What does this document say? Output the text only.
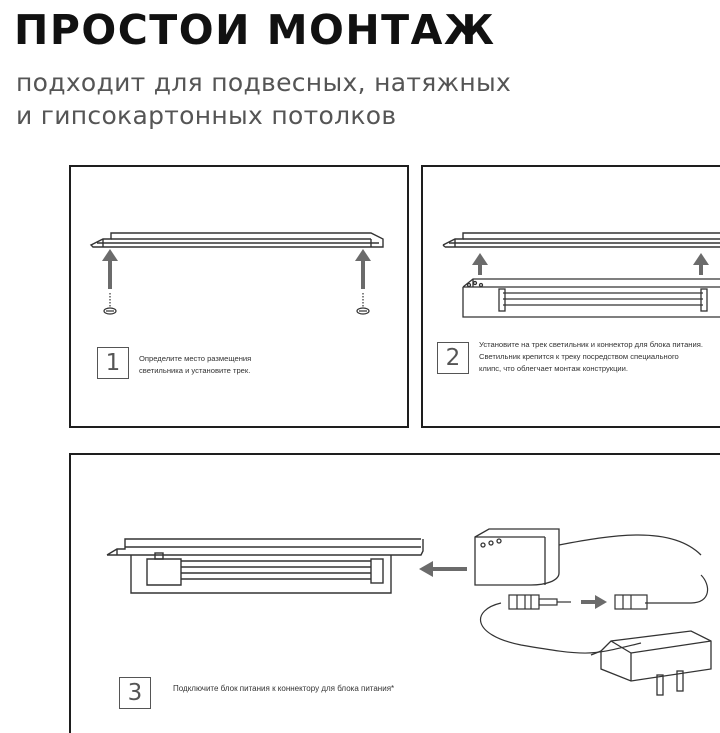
ПРОСТОИ МОНТАЖ

подходит для подвесных, натяжных
и гипсокартонных потолков

1	Определите место размещения
светильника и установите трек.	2
Установите на трек светильник и коннектор для блока питания.
Светильник крепится к треку посредством специального
клипс, что облегчает монтаж конструкции.
3	Подключите блок питания к коннектору для блока питания*
